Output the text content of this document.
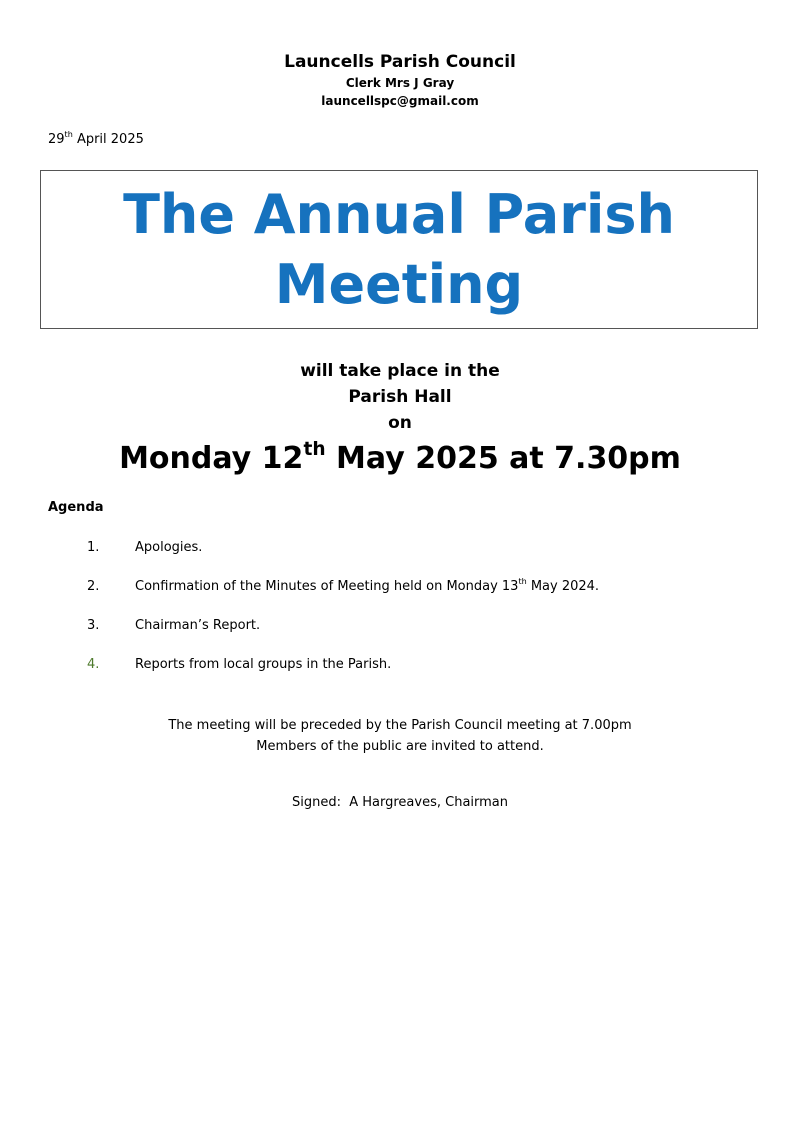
Launcells Parish Council
Clerk Mrs J Gray
launcellspc@gmail.com
29th April 2025
The Annual Parish
Meeting
will take place in the
Parish Hall
on
Monday 12th May 2025 at 7.30pm
Agenda
1.	Apologies.
2.	Confirmation of the Minutes of Meeting held on Monday 13th May 2024.
3.	Chairman’s Report.
4.	Reports from local groups in the Parish.
The meeting will be preceded by the Parish Council meeting at 7.00pm
Members of the public are invited to attend.
Signed:  A Hargreaves, Chairman
